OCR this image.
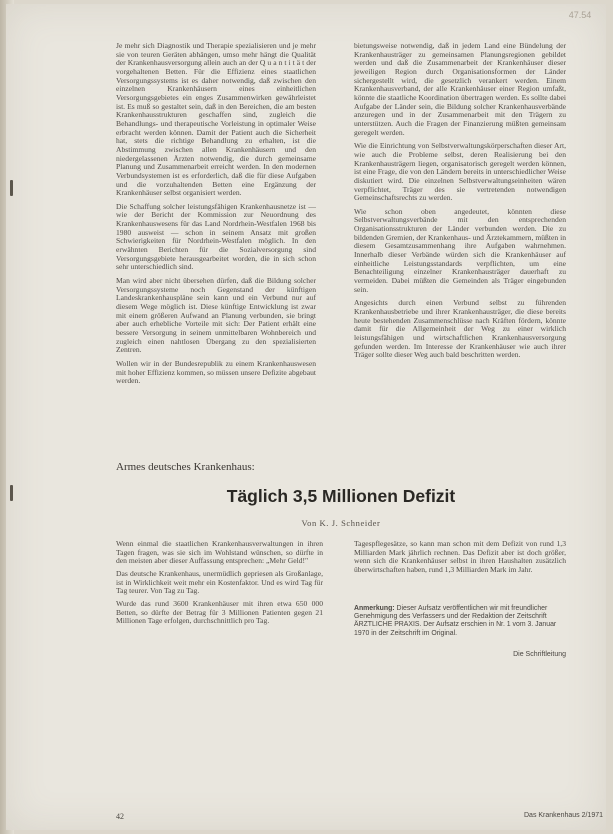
47.54

Je mehr sich Diagnostik und Therapie spezialisieren und je mehr sie von teuren Geräten abhängen, umso mehr hängt die Qualität der Krankenhausversorgung allein auch an der Q u a n t i t ä t der vorgehaltenen Betten. Für die Effizienz eines staatlichen Versorgungssystems ist es daher notwendig, daß zwischen den einzelnen Krankenhäusern eines einheitlichen Versorgungsgebietes ein enges Zusammenwirken gewährleistet ist. Es muß so gestaltet sein, daß in den Bereichen, die am besten Krankenhausstrukturen geschaffen sind, zugleich die Behandlungs- und therapeutische Vorleistung in optimaler Weise erbracht werden können. Damit der Patient auch die Sicherheit hat, stets die richtige Behandlung zu erhalten, ist die Abstimmung zwischen allen Krankenhäusern und den niedergelassenen Ärzten notwendig, die durch gemeinsame Planung und Zusammenarbeit erreicht werden. In den modernen Verbundsystemen ist es erforderlich, daß die für diese Aufgaben und die vorzuhaltenden Betten eine Ergänzung der Krankenhäuser selbst organisiert werden.

Die Schaffung solcher leistungsfähigen Krankenhausnetze ist — wie der Bericht der Kommission zur Neuordnung des Krankenhauswesens für das Land Nordrhein-Westfalen 1968 bis 1980 ausweist — schon in seinem Ansatz mit großen Schwierigkeiten für Nordrhein-Westfalen möglich. In den erwähnten Berichten für die Sozialversorgung sind Versorgungsgebiete herausgearbeitet worden, die in sich schon sehr unterschiedlich sind.

Man wird aber nicht übersehen dürfen, daß die Bildung solcher Versorgungssysteme noch Gegenstand der künftigen Landeskrankenhauspläne sein kann und ein Verbund nur auf diesem Wege möglich ist. Diese künftige Entwicklung ist zwar mit einem größeren Aufwand an Planung verbunden, sie bringt aber auch erhebliche Vorteile mit sich: Der Patient erhält eine bessere Versorgung in seinem unmittelbaren Wohnbereich und zugleich einen nahtlosen Übergang zu den spezialisierten Zentren.

Wollen wir in der Bundesrepublik zu einem Krankenhauswesen mit hoher Effizienz kommen, so müssen unsere Defizite abgebaut werden.

bietungsweise notwendig, daß in jedem Land eine Bündelung der Krankenhausträger zu gemeinsamen Planungsregionen gebildet werden und daß die Zusammenarbeit der Krankenhäuser dieser jeweiligen Region durch Organisationsformen der Länder sichergestellt wird, die gesetzlich verankert werden. Einem Krankenhausverband, der alle Krankenhäuser einer Region umfaßt, könnte die staatliche Koordination übertragen werden. Es sollte dabei Aufgabe der Länder sein, die Bildung solcher Krankenhausverbände anzuregen und in der Zusammenarbeit mit den Trägern zu unterstützen. Auch die Fragen der Finanzierung müßten gemeinsam geregelt werden.

Wie die Einrichtung von Selbstverwaltungskörperschaften dieser Art, wie auch die Probleme selbst, deren Realisierung bei den Krankenhausträgern liegen, organisatorisch geregelt werden können, ist eine Frage, die von den Ländern bereits in unterschiedlicher Weise diskutiert wird. Die einzelnen Selbstverwaltungseinheiten wären verpflichtet, Träger des sie vertretenden notwendigen Gemeinschaftsrechts zu werden.

Wie schon oben angedeutet, könnten diese Selbstverwaltungsverbände mit den entsprechenden Organisationsstrukturen der Länder verbunden werden. Die zu bildenden Gremien, der Krankenhaus- und Ärztekammern, müßten in diesem Gesamtzusammenhang ihre Aufgaben wahrnehmen. Innerhalb dieser Verbände würden sich die Krankenhäuser auf einheitliche Leistungsstandards verpflichten, um eine Benachteiligung einzelner Krankenhausträger dauerhaft zu vermeiden. Dabei müßten die Gemeinden als Träger eingebunden sein.

Angesichts durch einen Verbund selbst zu führenden Krankenhausbetriebe und ihrer Krankenhausträger, die diese bereits heute bestehenden Zusammenschlüsse nach Kräften fördern, könnte damit für die Allgemeinheit der Weg zu einer wirklich leistungsfähigen und wirtschaftlichen Krankenhausversorgung gefunden werden. Im Interesse der Krankenhäuser wie auch ihrer Träger sollte dieser Weg auch bald beschritten werden.

Armes deutsches Krankenhaus:
Täglich 3,5 Millionen Defizit
Von K. J. Schneider

Wenn einmal die staatlichen Krankenhausverwaltungen in ihren Tagen fragen, was sie sich im Wohlstand wünschen, so dürfte in den meisten aber dieser Auffassung entsprechen: „Mehr Geld!"

Das deutsche Krankenhaus, unermüdlich gepriesen als Großanlage, ist in Wirklichkeit weit mehr ein Kostenfaktor. Und es wird Tag für Tag teurer. Von Tag zu Tag.

Wurde das rund 3600 Krankenhäuser mit ihren etwa 650 000 Betten, so dürfte der Betrag für 3 Millionen Patienten gegen 21 Millionen Tage erfolgen, durchschnittlich pro Tag.

Tagespflegesätze, so kann man schon mit dem Defizit von rund 1,3 Milliarden Mark jährlich rechnen. Das Defizit aber ist doch größer, wenn sich die Krankenhäuser selbst in ihren Haushalten zusätzlich überwirtschaften haben, rund 1,3 Milliarden Mark im Jahr.

Anmerkung: Dieser Aufsatz veröffentlichen wir mit freundlicher Genehmigung des Verfassers und der Redaktion der Zeitschrift ÄRZTLICHE PRAXIS. Der Aufsatz erschien in Nr. 1 vom 3. Januar 1970 in der Zeitschrift im Original.
Die Schriftleitung
42	Das Krankenhaus 2/1971
